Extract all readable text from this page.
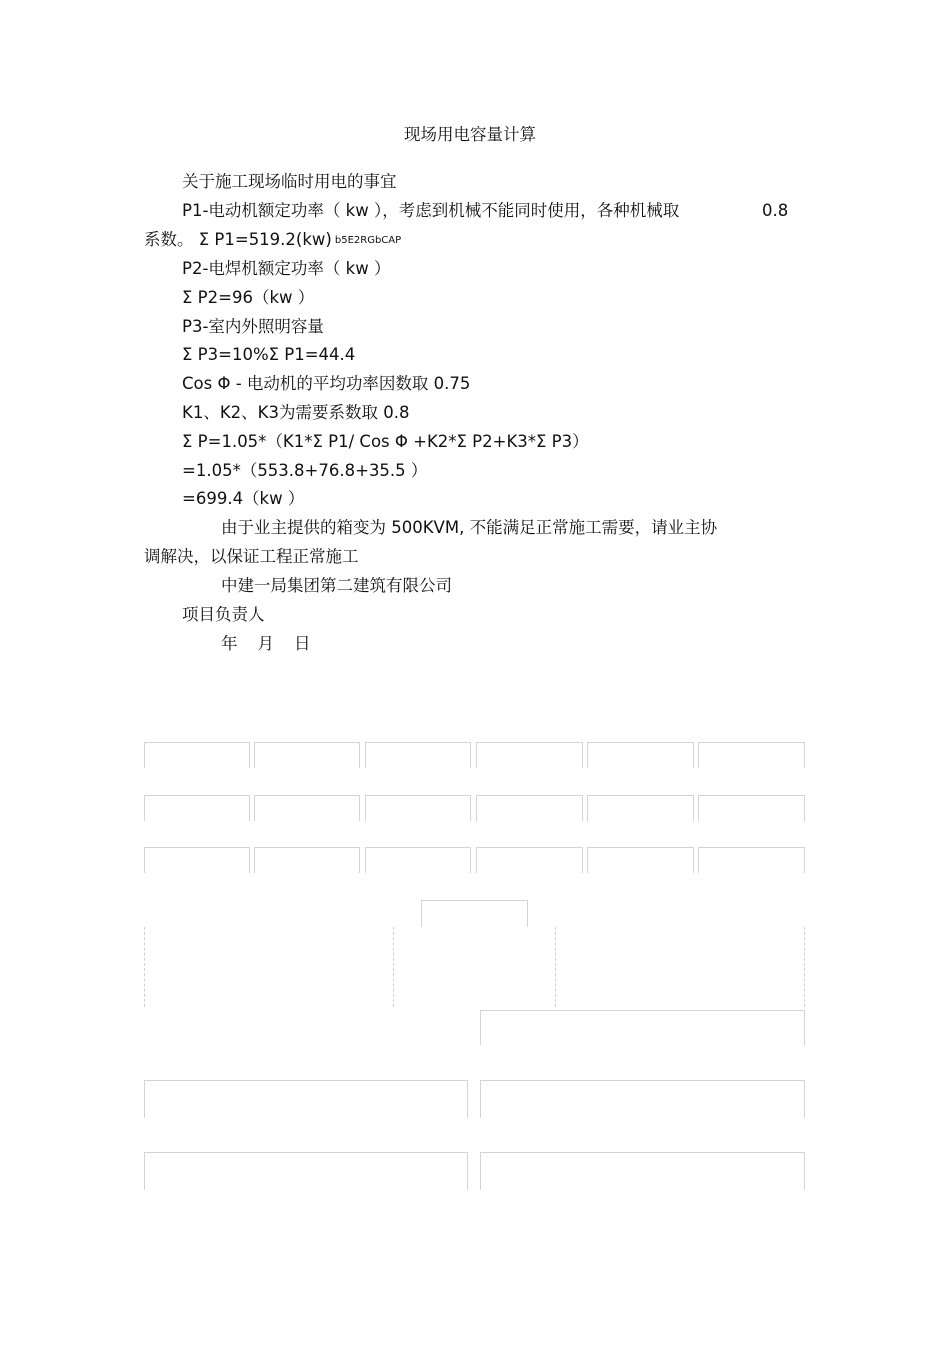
现场用电容量计算
关于施工现场临时用电的事宜
P1-电动机额定功率（ kw ），考虑到机械不能同时使用，各种机械取	0.8
系数。 Σ P1=519.2(kw) b5E2RGbCAP
P2-电焊机额定功率（ kw ）
Σ P2=96（kw ）
P3-室内外照明容量
Σ P3=10%Σ P1=44.4
Cos Φ - 电动机的平均功率因数取 0.75
K1、K2、K3为需要系数取 0.8
Σ P=1.05*（K1*Σ P1/ Cos Φ +K2*Σ P2+K3*Σ P3）
=1.05*（553.8+76.8+35.5 ）
=699.4（kw ）
由于业主提供的箱变为 500KVM, 不能满足正常施工需要，请业主协
调解决，以保证工程正常施工
中建一局集团第二建筑有限公司
项目负责人
年 月 日
